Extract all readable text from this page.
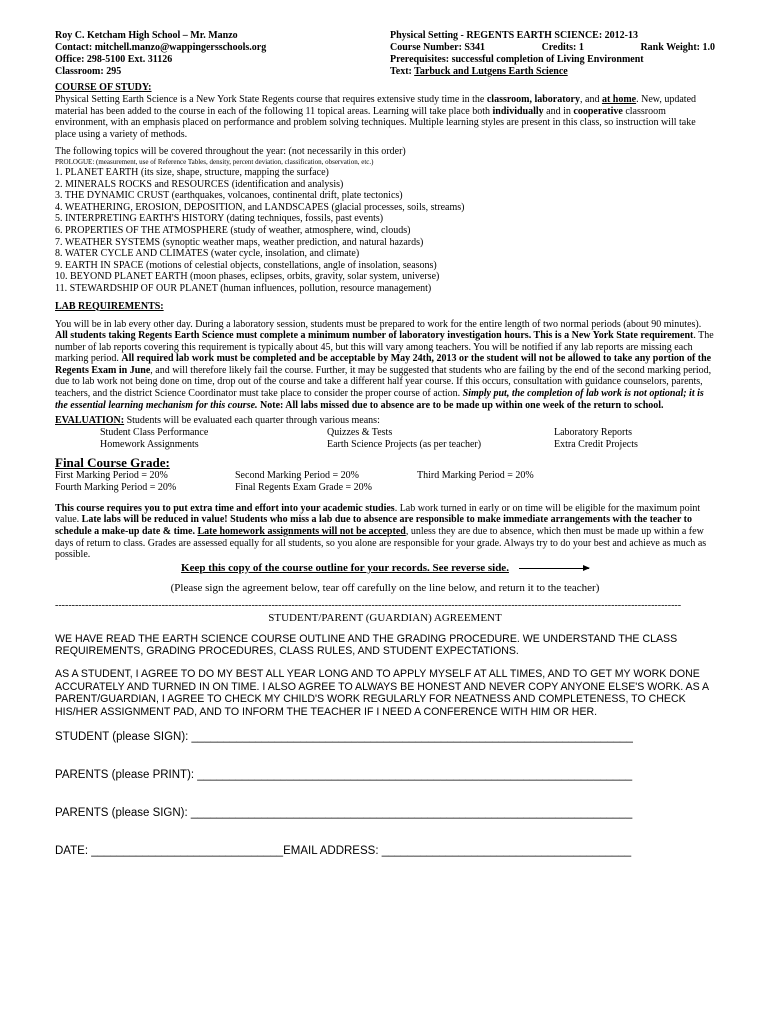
Roy C. Ketcham High School – Mr. Manzo
Contact: mitchell.manzo@wappingersschools.org
Office: 298-5100 Ext. 31126
Classroom: 295
Physical Setting - REGENTS EARTH SCIENCE: 2012-13
Course Number: S341	Credits: 1	Rank Weight: 1.0
Prerequisites: successful completion of Living Environment
Text: Tarbuck and Lutgens Earth Science
COURSE OF STUDY:

Physical Setting Earth Science is a New York State Regents course that requires extensive study time in the classroom, laboratory, and at home. New, updated material has been added to the course in each of the following 11 topical areas. Learning will take place both individually and in cooperative classroom environment, with an emphasis placed on performance and problem solving techniques. Multiple learning styles are present in this class, so instruction will take place using a variety of methods.

The following topics will be covered throughout the year: (not necessarily in this order)

PROLOGUE: (measurement, use of Reference Tables, density, percent deviation, classification, observation, etc.)

1. PLANET EARTH (its size, shape, structure, mapping the surface)
2. MINERALS ROCKS and RESOURCES (identification and analysis)
3. THE DYNAMIC CRUST (earthquakes, volcanoes, continental drift, plate tectonics)
4. WEATHERING, EROSION, DEPOSITION, and LANDSCAPES (glacial processes, soils, streams)
5. INTERPRETING EARTH'S HISTORY (dating techniques, fossils, past events)
6. PROPERTIES OF THE ATMOSPHERE (study of weather, atmosphere, wind, clouds)
7. WEATHER SYSTEMS (synoptic weather maps, weather prediction, and natural hazards)
8. WATER CYCLE AND CLIMATES (water cycle, insolation, and climate)
9. EARTH IN SPACE (motions of celestial objects, constellations, angle of insolation, seasons)
10. BEYOND PLANET EARTH (moon phases, eclipses, orbits, gravity, solar system, universe)
11. STEWARDSHIP OF OUR PLANET (human influences, pollution, resource management)
LAB REQUIREMENTS:

You will be in lab every other day. During a laboratory session, students must be prepared to work for the entire length of two normal periods (about 90 minutes). All students taking Regents Earth Science must complete a minimum number of laboratory investigation hours. This is a New York State requirement. The number of lab reports covering this requirement is typically about 45, but this will vary among teachers. You will be notified if any lab reports are missing each marking period. All required lab work must be completed and be acceptable by May 24th, 2013 or the student will not be allowed to take any portion of the Regents Exam in June, and will therefore likely fail the course. Further, it may be suggested that students who are failing by the end of the second marking period, due to lab work not being done on time, drop out of the course and take a different half year course. If this occurs, consultation with guidance counselors, parents, teachers, and the district Science Coordinator must take place to consider the proper course of action. Simply put, the completion of lab work is not optional; it is the essential learning mechanism for this course. Note: All labs missed due to absence are to be made up within one week of the return to school.

EVALUATION: Students will be evaluated each quarter through various means:

Student Class Performance	Quizzes & Tests	Laboratory Reports
Homework Assignments	Earth Science Projects (as per teacher)	Extra Credit Projects
Final Course Grade:
First Marking Period = 20%	Second Marking Period = 20%	Third Marking Period = 20%
Fourth Marking Period = 20%	Final Regents Exam Grade = 20%

This course requires you to put extra time and effort into your academic studies. Lab work turned in early or on time will be eligible for the maximum point value. Late labs will be reduced in value! Students who miss a lab due to absence are responsible to make immediate arrangements with the teacher to schedule a make-up date & time. Late homework assignments will not be accepted, unless they are due to absence, which then must be made up within a few days of return to class. Grades are assessed equally for all students, so you alone are responsible for your grade. Always try to do your best and achieve as much as possible.

Keep this copy of the course outline for your records. See reverse side.
(Please sign the agreement below, tear off carefully on the line below, and return it to the teacher)
--------------------------------------------------------------------------------------------------------------------------------------------------------------------------------------------
STUDENT/PARENT (GUARDIAN) AGREEMENT

WE HAVE READ THE EARTH SCIENCE COURSE OUTLINE AND THE GRADING PROCEDURE. WE UNDERSTAND THE CLASS REQUIREMENTS, GRADING PROCEDURES, CLASS RULES, AND STUDENT EXPECTATIONS.

AS A STUDENT, I AGREE TO DO MY BEST ALL YEAR LONG AND TO APPLY MYSELF AT ALL TIMES, AND TO GET MY WORK DONE ACCURATELY AND TURNED IN ON TIME. I ALSO AGREE TO ALWAYS BE HONEST AND NEVER COPY ANYONE ELSE'S WORK. AS A PARENT/GUARDIAN, I AGREE TO CHECK MY CHILD'S WORK REGULARLY FOR NEATNESS AND COMPLETENESS, TO CHECK HIS/HER ASSIGNMENT PAD, AND TO INFORM THE TEACHER IF I NEED A CONFERENCE WITH HIM OR HER.

STUDENT (please SIGN): _____________________________________________________________________
PARENTS (please PRINT): ____________________________________________________________________
PARENTS (please SIGN): _____________________________________________________________________
DATE: ______________________________EMAIL ADDRESS: _______________________________________
